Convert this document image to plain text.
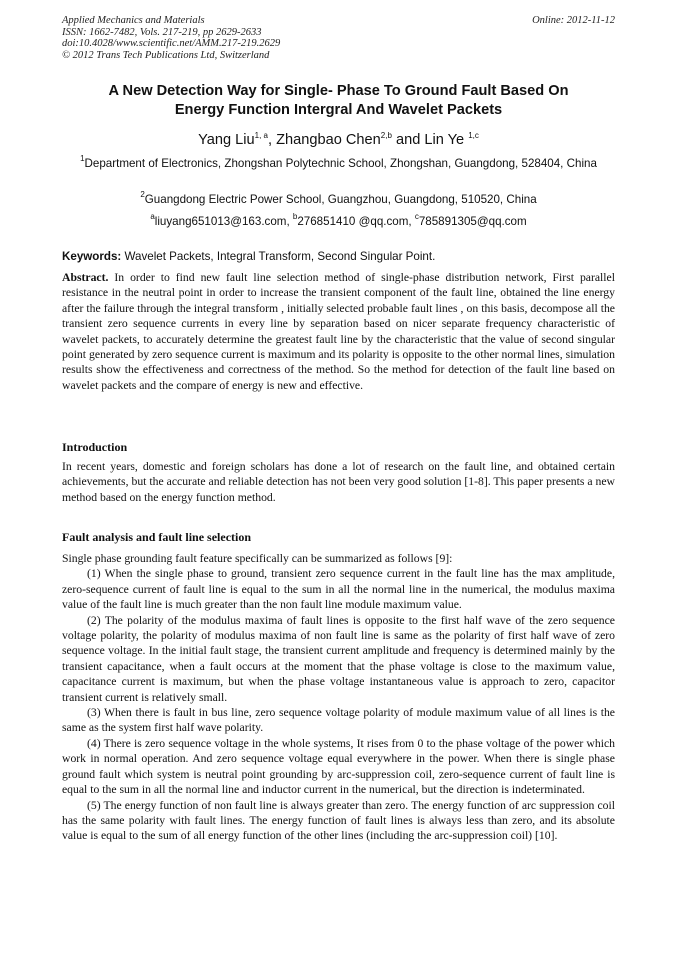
Applied Mechanics and Materials
ISSN: 1662-7482, Vols. 217-219, pp 2629-2633
doi:10.4028/www.scientific.net/AMM.217-219.2629
© 2012 Trans Tech Publications Ltd, Switzerland
Online: 2012-11-12
A New Detection Way for Single- Phase To Ground Fault Based On
Energy Function Intergral And Wavelet Packets
Yang Liu$^{1, a}$, Zhangbao Chen$^{2,b}$ and Lin Ye $^{1,c}$
$^1$Department of Electronics, Zhongshan Polytechnic School, Zhongshan, Guangdong, 528404, China
$^2$Guangdong Electric Power School, Guangzhou, Guangdong, 510520, China
$^a$liuyang651013@163.com, $^b$276851410 @qq.com, $^c$785891305@qq.com
Keywords: Wavelet Packets, Integral Transform, Second Singular Point.
Abstract. In order to find new fault line selection method of single-phase distribution network, First parallel resistance in the neutral point in order to increase the transient component of the fault line, obtained the line energy after the failure through the integral transform , initially selected probable fault lines , on this basis, decompose all the transient zero sequence currents in every line by separation based on nicer separate frequency characteristic of wavelet packets, to accurately determine the greatest fault line by the characteristic that the value of second singular point generated by zero sequence current is maximum and its polarity is opposite to the other normal lines, simulation results show the effectiveness and correctness of the method. So the method for detection of the fault line based on wavelet packets and the compare of energy is new and effective.
Introduction
In recent years, domestic and foreign scholars has done a lot of research on the fault line, and obtained certain achievements, but the accurate and reliable detection has not been very good solution [1-8]. This paper presents a new method based on the energy function method.
Fault analysis and fault line selection

Single phase grounding fault feature specifically can be summarized as follows [9]:

(1) When the single phase to ground, transient zero sequence current in the fault line has the max amplitude, zero-sequence current of fault line is equal to the sum in all the normal line in the numerical, the modulus maxima value of the fault line is much greater than the non fault line module maximum value.

(2) The polarity of the modulus maxima of fault lines is opposite to the first half wave of the zero sequence voltage polarity, the polarity of modulus maxima of non fault line is same as the polarity of first half wave of zero sequence voltage. In the initial fault stage, the transient current amplitude and frequency is determined mainly by the transient capacitance, when a fault occurs at the moment that the phase voltage is close to the maximum value, capacitance current is maximum, but when the phase voltage instantaneous value is approach to zero, capacitor transient current is relatively small.

(3) When there is fault in bus line, zero sequence voltage polarity of module maximum value of all lines is the same as the system first half wave polarity.

(4) There is zero sequence voltage in the whole systems, It rises from 0 to the phase voltage of the power which work in normal operation. And zero sequence voltage equal everywhere in the power. When there is single phase ground fault which system is neutral point grounding by arc-suppression coil, zero-sequence current of fault line is equal to the sum in all the normal line and inductor current in the numerical, but the direction is indeterminated.

(5) The energy function of non fault line is always greater than zero. The energy function of arc suppression coil has the same polarity with fault lines. The energy function of fault lines is always less than zero, and its absolute value is equal to the sum of all energy function of the other lines (including the arc-suppression coil) [10].
